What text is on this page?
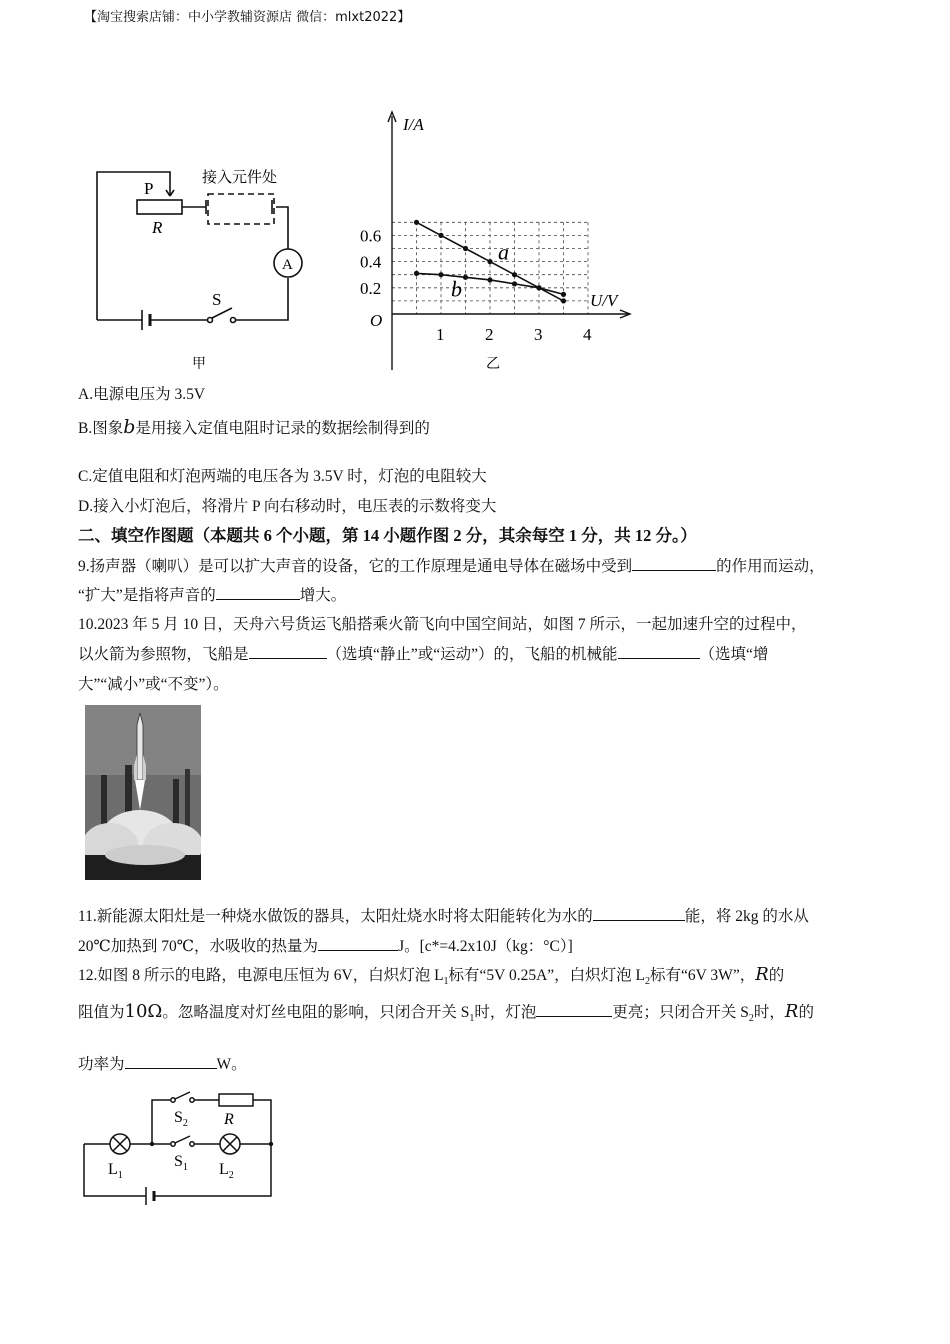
【淘宝搜索店铺：中小学教辅资源店 微信：mlxt2022】
P
R
接入元件处
A
S
甲
1 2 3 4
0.2
0.4
0.6
a
b
I/A
U/V
O
乙
A.电源电压为 3.5V
B.图象b是用接入定值电阻时记录的数据绘制得到的
C.定值电阻和灯泡两端的电压各为 3.5V 时，灯泡的电阻较大
D.接入小灯泡后，将滑片 P 向右移动时，电压表的示数将变大
二、填空作图题（本题共 6 个小题，第 14 小题作图 2 分，其余每空 1 分，共 12 分。）
9.扬声器（喇叭）是可以扩大声音的设备，它的工作原理是通电导体在磁场中受到	的作用而运动，
“扩大”是指将声音的	增大。
10.2023 年 5 月 10 日，天舟六号货运飞船搭乘火箭飞向中国空间站，如图 7 所示，一起加速升空的过程中，
以火箭为参照物，飞船是	（选填“静止”或“运动”）的，飞船的机械能	（选填“增
大”“减小”或“不变”）。
11.新能源太阳灶是一种烧水做饭的器具，太阳灶烧水时将太阳能转化为水的	能，将 2kg 的水从
20℃加热到 70℃，水吸收的热量为	J。[c*=4.2x10J（kg：°C）]
12.如图 8 所示的电路，电源电压恒为 6V，白炽灯泡 $L_1$标有“5V 0.25A”，白炽灯泡 $L_2$标有“6V 3W”，R的
阻值为10Ω。忽略温度对灯丝电阻的影响，只闭合开关 $S_1$时，灯泡	更亮；只闭合开关 $S_2$时，R的
功率为	W。
$S_2$ R
$S_1$
$L_1$	$L_2$
